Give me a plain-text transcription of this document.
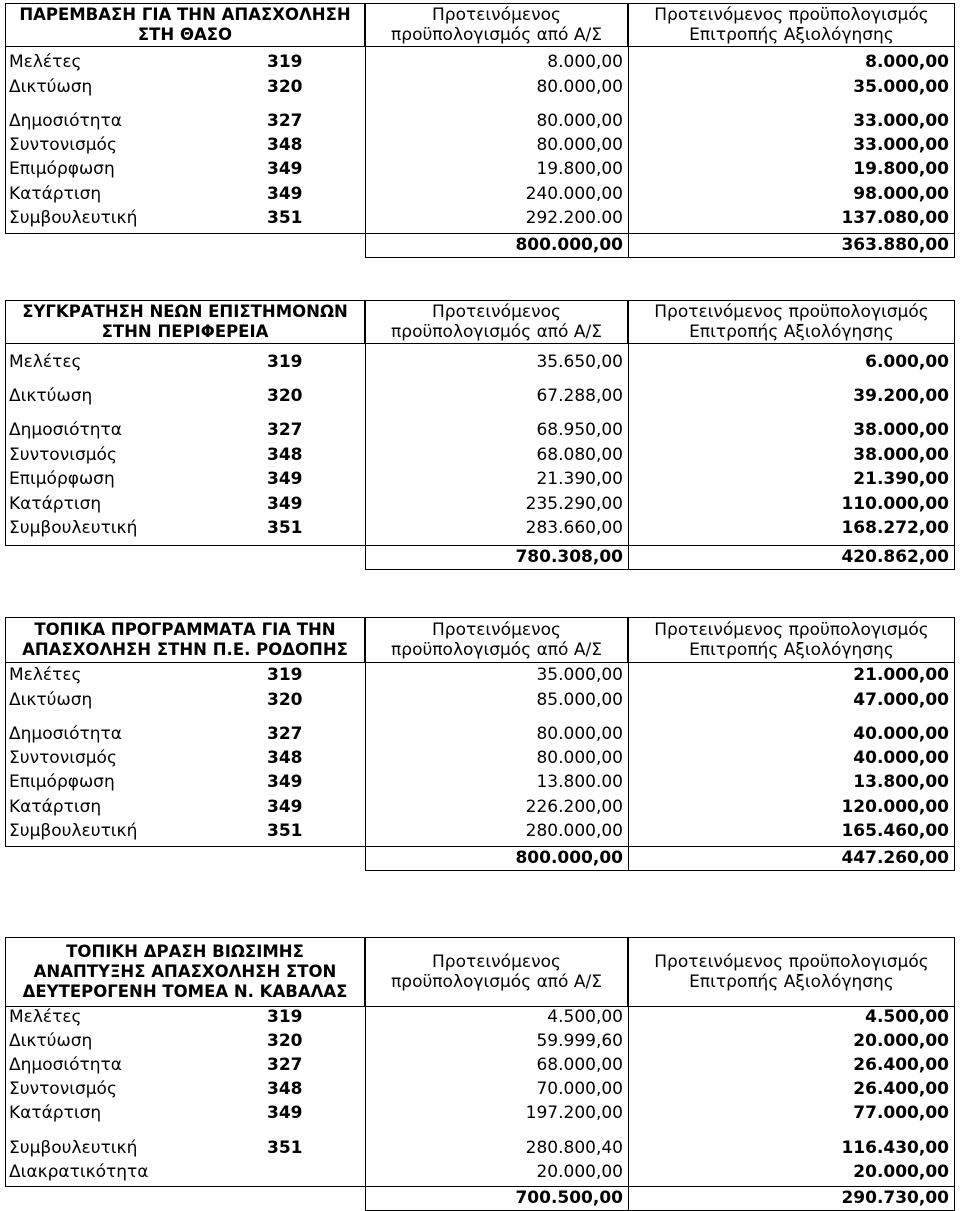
ΠΑΡΕΜΒΑΣΗ ΓΙΑ ΤΗΝ ΑΠΑΣΧΟΛΗΣΗ
ΣΤΗ ΘΑΣΟ
Προτεινόμενος
προϋπολογισμός από Α/Σ
Προτεινόμενος προϋπολογισμός
Επιτροπής Αξιολόγησης
Μελέτες	319	8.000,00	8.000,00
Δικτύωση	320	80.000,00	35.000,00
Δημοσιότητα	327	80.000,00	33.000,00
Συντονισμός	348	80.000,00	33.000,00
Επιμόρφωση	349	19.800,00	19.800,00
Κατάρτιση	349	240.000,00	98.000,00
Συμβουλευτική	351	292.200.00	137.080,00
800.000,00	363.880,00
ΣΥΓΚΡΑΤΗΣΗ ΝΕΩΝ ΕΠΙΣΤΗΜΟΝΩΝ
ΣΤΗΝ ΠΕΡΙΦΕΡΕΙΑ
Προτεινόμενος
προϋπολογισμός από Α/Σ
Προτεινόμενος προϋπολογισμός
Επιτροπής Αξιολόγησης
Μελέτες	319	35.650,00	6.000,00
Δικτύωση	320	67.288,00	39.200,00
Δημοσιότητα	327	68.950,00	38.000,00
Συντονισμός	348	68.080,00	38.000,00
Επιμόρφωση	349	21.390,00	21.390,00
Κατάρτιση	349	235.290,00	110.000,00
Συμβουλευτική	351	283.660,00	168.272,00
780.308,00	420.862,00
ΤΟΠΙΚΑ ΠΡΟΓΡΑΜΜΑΤΑ ΓΙΑ ΤΗΝ
ΑΠΑΣΧΟΛΗΣΗ ΣΤΗΝ Π.Ε. ΡΟΔΟΠΗΣ
Προτεινόμενος
προϋπολογισμός από Α/Σ
Προτεινόμενος προϋπολογισμός
Επιτροπής Αξιολόγησης
Μελέτες	319	35.000,00	21.000,00
Δικτύωση	320	85.000,00	47.000,00
Δημοσιότητα	327	80.000,00	40.000,00
Συντονισμός	348	80.000,00	40.000,00
Επιμόρφωση	349	13.800.00	13.800,00
Κατάρτιση	349	226.200,00	120.000,00
Συμβουλευτική	351	280.000,00	165.460,00
800.000,00	447.260,00
ΤΟΠΙΚΗ ΔΡΑΣΗ ΒΙΩΣΙΜΗΣ
ΑΝΑΠΤΥΞΗΣ ΑΠΑΣΧΟΛΗΣΗ ΣΤΟΝ
ΔΕΥΤΕΡΟΓΕΝΗ ΤΟΜΕΑ Ν. ΚΑΒΑΛΑΣ
Προτεινόμενος
προϋπολογισμός από Α/Σ
Προτεινόμενος προϋπολογισμός
Επιτροπής Αξιολόγησης
Μελέτες	319	4.500,00	4.500,00
Δικτύωση	320	59.999,60	20.000,00
Δημοσιότητα	327	68.000,00	26.400,00
Συντονισμός	348	70.000,00	26.400,00
Κατάρτιση	349	197.200,00	77.000,00
Συμβουλευτική	351	280.800,40	116.430,00
Διακρατικότητα	20.000,00	20.000,00
700.500,00	290.730,00
